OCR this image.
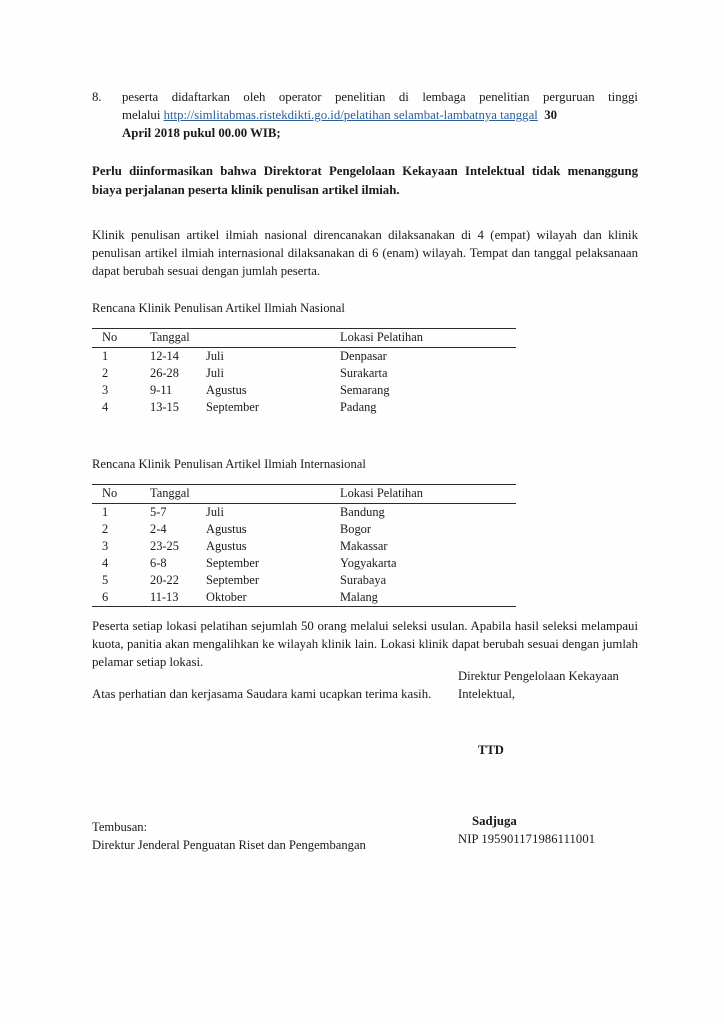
8.	peserta didaftarkan oleh operator penelitian di lembaga penelitian perguruan tinggi
melalui http://simlitabmas.ristekdikti.go.id/pelatihan selambat-lambatnya tanggal 30
April 2018 pukul 00.00 WIB;

Perlu diinformasikan bahwa Direktorat Pengelolaan Kekayaan Intelektual tidak menanggung biaya perjalanan peserta klinik penulisan artikel ilmiah.

Klinik penulisan artikel ilmiah nasional direncanakan dilaksanakan di 4 (empat) wilayah dan klinik penulisan artikel ilmiah internasional dilaksanakan di 6 (enam) wilayah. Tempat dan tanggal pelaksanaan dapat berubah sesuai dengan jumlah peserta.

Rencana Klinik Penulisan Artikel Ilmiah Nasional

No	Tanggal		Lokasi Pelatihan
1	12-14	Juli	Denpasar
2	26-28	Juli	Surakarta
3	9-11	Agustus	Semarang
4	13-15	September	Padang

Rencana Klinik Penulisan Artikel Ilmiah Internasional

No	Tanggal		Lokasi Pelatihan
1	5-7	Juli	Bandung
2	2-4	Agustus	Bogor
3	23-25	Agustus	Makassar
4	6-8	September	Yogyakarta
5	20-22	September	Surabaya
6	11-13	Oktober	Malang

Peserta setiap lokasi pelatihan sejumlah 50 orang melalui seleksi usulan. Apabila hasil seleksi melampaui kuota, panitia akan mengalihkan ke wilayah klinik lain. Lokasi klinik dapat berubah sesuai dengan jumlah pelamar setiap lokasi.

Atas perhatian dan kerjasama Saudara kami ucapkan terima kasih.

Direktur Pengelolaan Kekayaan
Intelektual,
TTD
Sadjuga
NIP 195901171986111001
Tembusan:
Direktur Jenderal Penguatan Riset dan Pengembangan
